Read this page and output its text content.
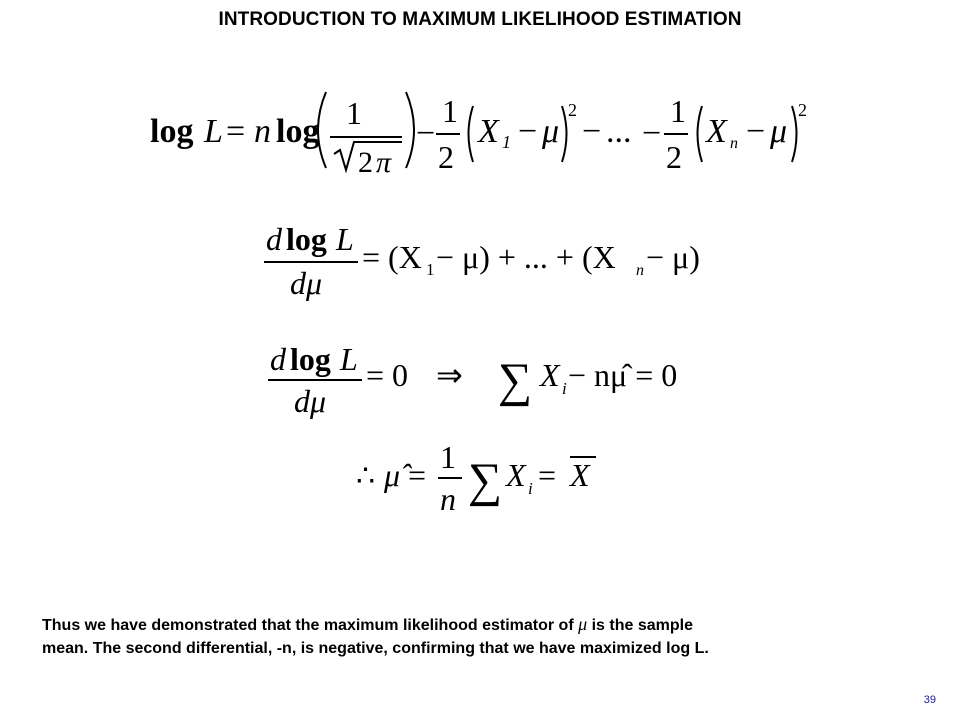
INTRODUCTION TO MAXIMUM LIKELIHOOD ESTIMATION
log L = n log 1
2 π
−
1
2
X 1 − μ
2
− ... −
1
2
X n − μ
2
d log L
dμ
= (X 1 − μ) + ... + (X n − μ)
d log L
dμ
= 0 ⇒ ∑ X i − nμ̂ = 0
∴ μ̂ = 1
n ∑ X i = X
Thus we have demonstrated that the maximum likelihood estimator of μ is the sample
mean. The second differential, -n, is negative, confirming that we have maximized log L.
39
